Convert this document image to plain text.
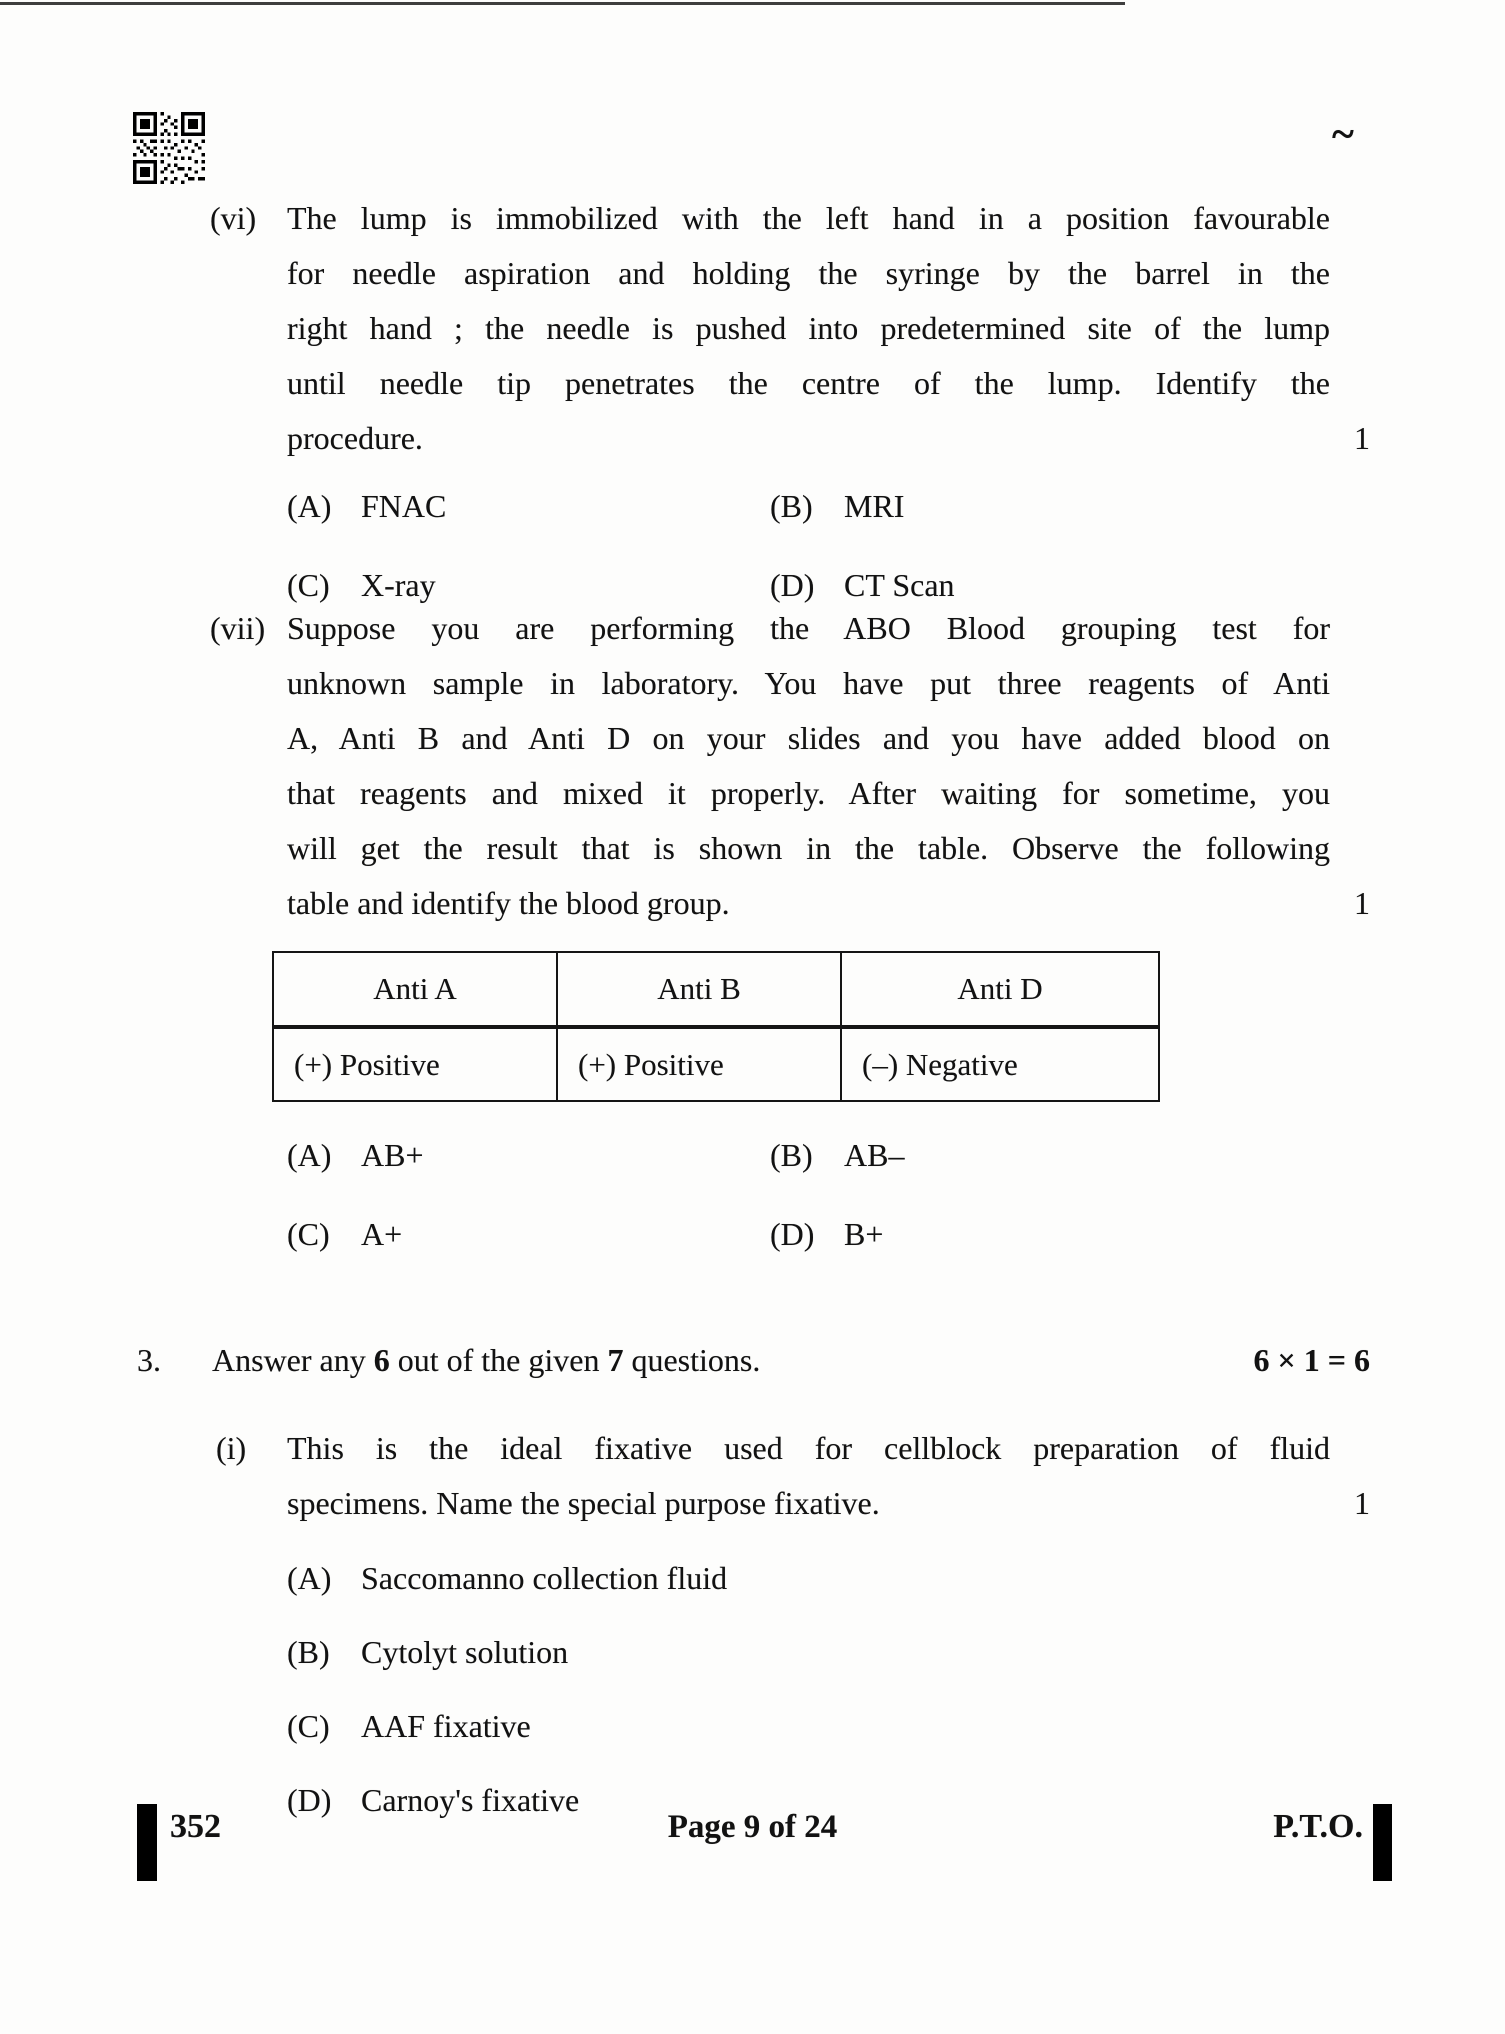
~
(vi) The lump is immobilized with the left hand in a position favourable
for needle aspiration and holding the syringe by the barrel in the
right hand ; the needle is pushed into predetermined site of the lump
until needle tip penetrates the centre of the lump. Identify the
procedure.	1
(A) FNAC	(B) MRI
(C) X-ray	(D) CT Scan
(vii) Suppose you are performing the ABO Blood grouping test for
unknown sample in laboratory. You have put three reagents of Anti
A, Anti B and Anti D on your slides and you have added blood on
that reagents and mixed it properly. After waiting for sometime, you
will get the result that is shown in the table. Observe the following
table and identify the blood group.	1
Anti A	Anti B	Anti D
(+) Positive	(+) Positive	(–) Negative
(A) AB+	(B) AB–
(C) A+	(D) B+
3.	Answer any 6 out of the given 7 questions.	6 × 1 = 6
(i)	This is the ideal fixative used for cellblock preparation of fluid
specimens. Name the special purpose fixative.	1
(A) Saccomanno collection fluid
(B) Cytolyt solution
(C) AAF fixative
(D) Carnoy's fixative
352	Page 9 of 24	P.T.O.
